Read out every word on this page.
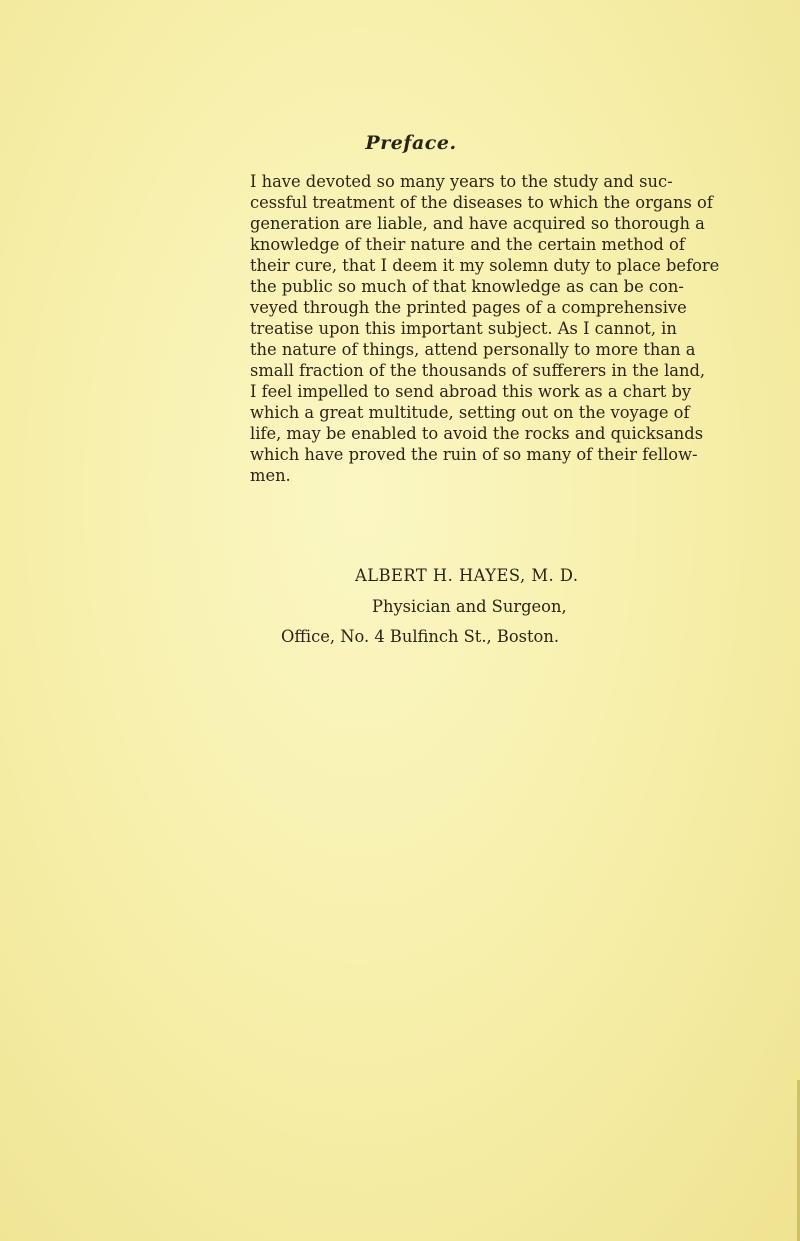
Preface.
I have devoted so many years to the study and suc-
cessful treatment of the diseases to which the organs of
generation are liable, and have acquired so thorough a
knowledge of their nature and the certain method of
their cure, that I deem it my solemn duty to place before
the public so much of that knowledge as can be con-
veyed through the printed pages of a comprehensive
treatise upon this important subject. As I cannot, in
the nature of things, attend personally to more than a
small fraction of the thousands of sufferers in the land,
I feel impelled to send abroad this work as a chart by
which a great multitude, setting out on the voyage of
life, may be enabled to avoid the rocks and quicksands
which have proved the ruin of so many of their fellow-
men.
ALBERT H. HAYES, M. D.
Physician and Surgeon,
Office, No. 4 Bulfinch St., Boston.
